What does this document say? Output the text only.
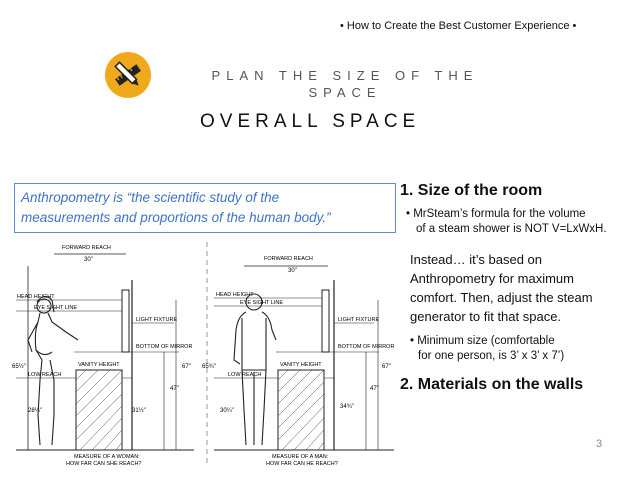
• How to Create the Best Customer Experience •
PLAN THE SIZE OF THE
SPACE
OVERALL SPACE
Anthropometry is “the scientific study of the
measurements and proportions of the human body.”
FORWARD REACH
30"
HEAD HEIGHT
EYE SIGHT LINE
LIGHT FIXTURE
BOTTOM OF MIRROR
VANITY HEIGHT
LOW REACH
65½"	67"
47"
28¼"	31½"
MEASURE OF A WOMAN:
HOW FAR CAN SHE REACH?
FORWARD REACH
30"
HEAD HEIGHT
EYE SIGHT LINE
LIGHT FIXTURE
BOTTOM OF MIRROR
VANITY HEIGHT
LOW REACH
65¾"	67"
47"
30¼"
34¾"
MEASURE OF A MAN:
HOW FAR CAN HE REACH?
1. Size of the room
• MrSteam’s formula for the volume
of a steam shower is NOT V=LxWxH.
Instead… it’s based on
Anthropometry for maximum
comfort. Then, adjust the steam
generator to fit that space.
• Minimum size (comfortable
for one person, is 3’ x 3’ x 7’)
2. Materials on the walls
3
